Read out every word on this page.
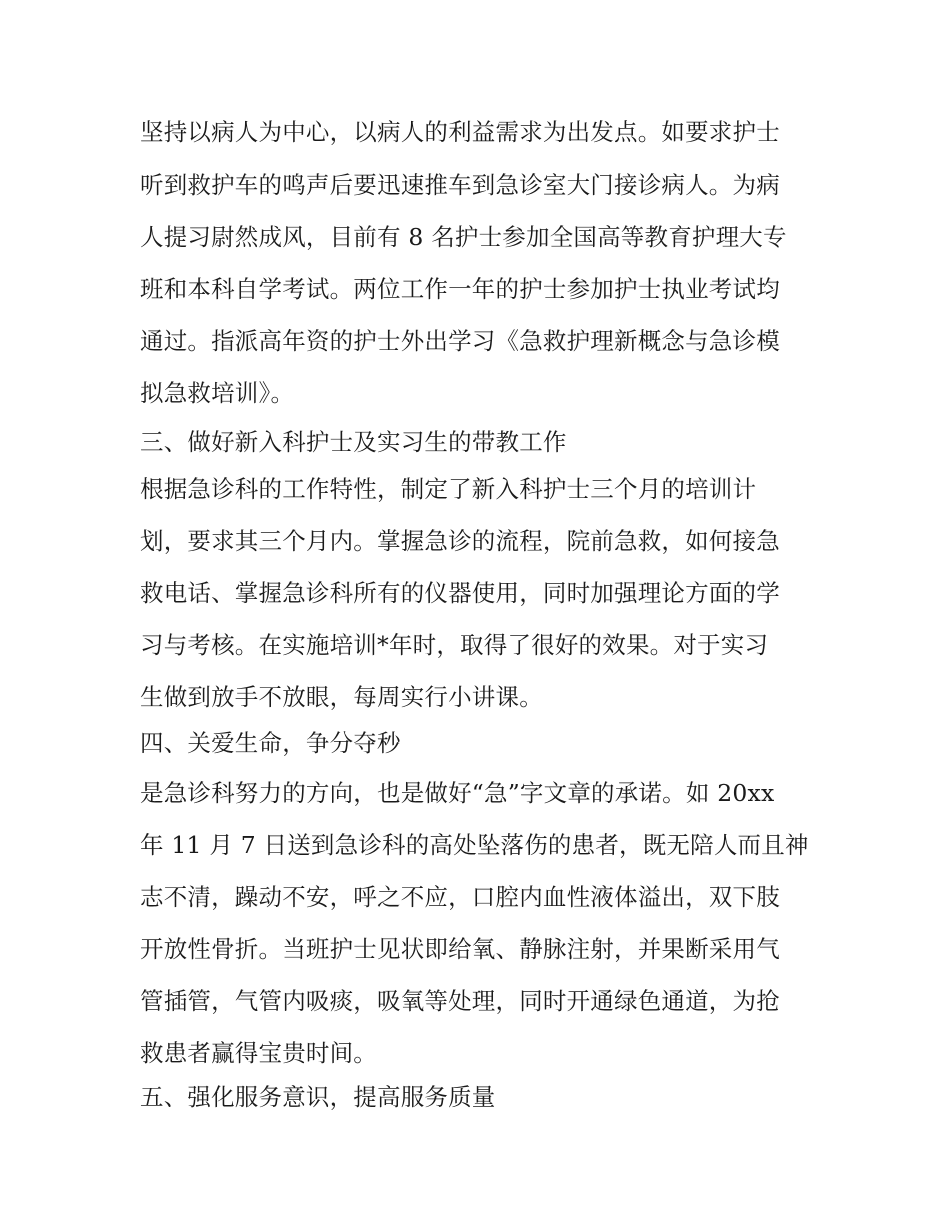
坚持以病人为中心，以病人的利益需求为出发点。如要求护士
听到救护车的鸣声后要迅速推车到急诊室大门接诊病人。为病
人提习尉然成风，目前有 8 名护士参加全国高等教育护理大专
班和本科自学考试。两位工作一年的护士参加护士执业考试均
通过。指派高年资的护士外出学习《急救护理新概念与急诊模
拟急救培训》。
三、做好新入科护士及实习生的带教工作
根据急诊科的工作特性，制定了新入科护士三个月的培训计
划，要求其三个月内。掌握急诊的流程，院前急救，如何接急
救电话、掌握急诊科所有的仪器使用，同时加强理论方面的学
习与考核。在实施培训*年时，取得了很好的效果。对于实习
生做到放手不放眼，每周实行小讲课。
四、关爱生命，争分夺秒
是急诊科努力的方向，也是做好“急”字文章的承诺。如 20xx
年 11 月 7 日送到急诊科的高处坠落伤的患者，既无陪人而且神
志不清，躁动不安，呼之不应，口腔内血性液体溢出，双下肢
开放性骨折。当班护士见状即给氧、静脉注射，并果断采用气
管插管，气管内吸痰，吸氧等处理，同时开通绿色通道，为抢
救患者赢得宝贵时间。
五、强化服务意识，提高服务质量
